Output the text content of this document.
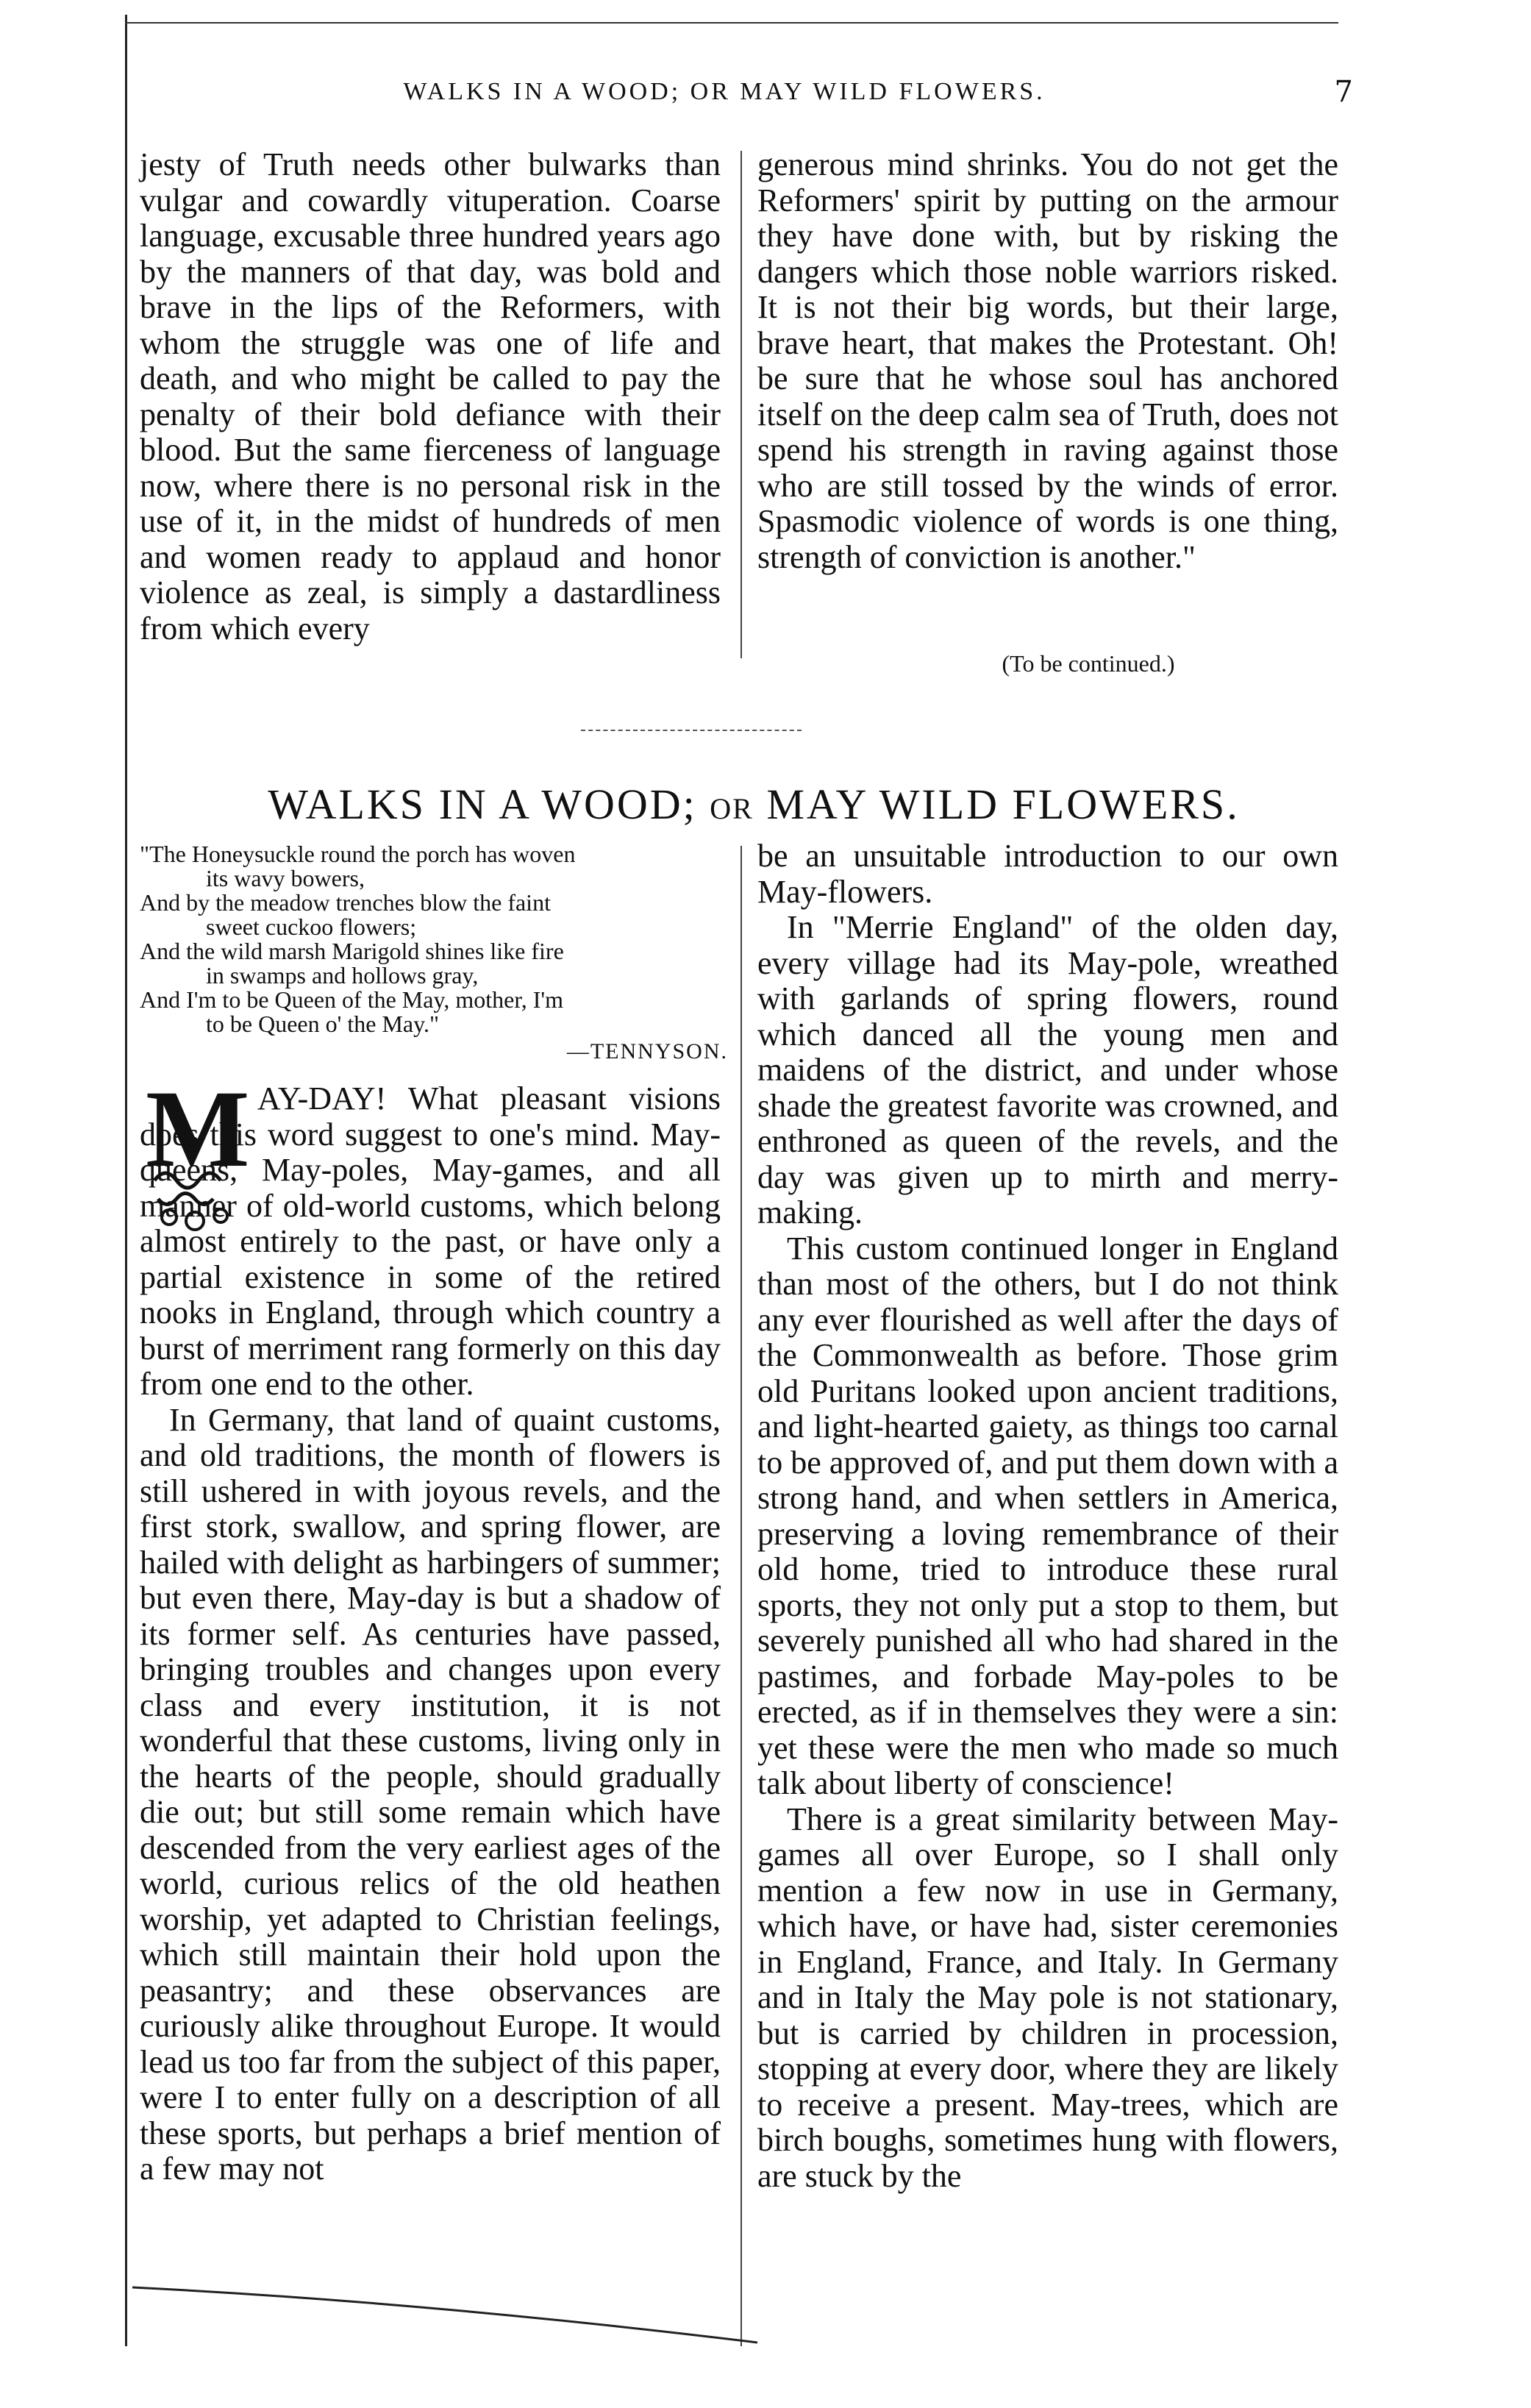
WALKS IN A WOOD; OR MAY WILD FLOWERS.	7

jesty of Truth needs other bulwarks than vulgar and cowardly vituperation. Coarse language, excusable three hundred years ago by the manners of that day, was bold and brave in the lips of the Reformers, with whom the struggle was one of life and death, and who might be called to pay the penalty of their bold defiance with their blood. But the same fierceness of language now, where there is no personal risk in the use of it, in the midst of hundreds of men and women ready to applaud and honor violence as zeal, is simply a dastardliness from which every

generous mind shrinks. You do not get the Reformers' spirit by putting on the armour they have done with, but by risking the dangers which those noble warriors risked. It is not their big words, but their large, brave heart, that makes the Protestant. Oh! be sure that he whose soul has anchored itself on the deep calm sea of Truth, does not spend his strength in raving against those who are still tossed by the winds of error. Spasmodic violence of words is one thing, strength of conviction is another."

(To be continued.)
WALKS IN A WOOD; OR MAY WILD FLOWERS.
"The Honeysuckle round the porch has woven
its wavy bowers,
And by the meadow trenches blow the faint
sweet cuckoo flowers;
And the wild marsh Marigold shines like fire
in swamps and hollows gray,
And I'm to be Queen of the May, mother, I'm
to be Queen o' the May."
—TENNYSON.
M AY-DAY! What pleasant visions does this word suggest to one's mind. May-queens, May-poles, May-games, and all manner of old-world customs, which belong almost entirely to the past, or have only a partial existence in some of the retired nooks in England, through which country a burst of merriment rang formerly on this day from one end to the other.

In Germany, that land of quaint customs, and old traditions, the month of flowers is still ushered in with joyous revels, and the first stork, swallow, and spring flower, are hailed with delight as harbingers of summer; but even there, May-day is but a shadow of its former self. As centuries have passed, bringing troubles and changes upon every class and every institution, it is not wonderful that these customs, living only in the hearts of the people, should gradually die out; but still some remain which have descended from the very earliest ages of the world, curious relics of the old heathen worship, yet adapted to Christian feelings, which still maintain their hold upon the peasantry; and these observances are curiously alike throughout Europe. It would lead us too far from the subject of this paper, were I to enter fully on a description of all these sports, but perhaps a brief mention of a few may not

be an unsuitable introduction to our own May-flowers.

In "Merrie England" of the olden day, every village had its May-pole, wreathed with garlands of spring flowers, round which danced all the young men and maidens of the district, and under whose shade the greatest favorite was crowned, and enthroned as queen of the revels, and the day was given up to mirth and merry-making.

This custom continued longer in England than most of the others, but I do not think any ever flourished as well after the days of the Commonwealth as before. Those grim old Puritans looked upon ancient traditions, and light-hearted gaiety, as things too carnal to be approved of, and put them down with a strong hand, and when settlers in America, preserving a loving remembrance of their old home, tried to introduce these rural sports, they not only put a stop to them, but severely punished all who had shared in the pastimes, and forbade May-poles to be erected, as if in themselves they were a sin: yet these were the men who made so much talk about liberty of conscience!

There is a great similarity between May-games all over Europe, so I shall only mention a few now in use in Germany, which have, or have had, sister ceremonies in England, France, and Italy. In Germany and in Italy the May pole is not stationary, but is carried by children in procession, stopping at every door, where they are likely to receive a present. May-trees, which are birch boughs, sometimes hung with flowers, are stuck by the
